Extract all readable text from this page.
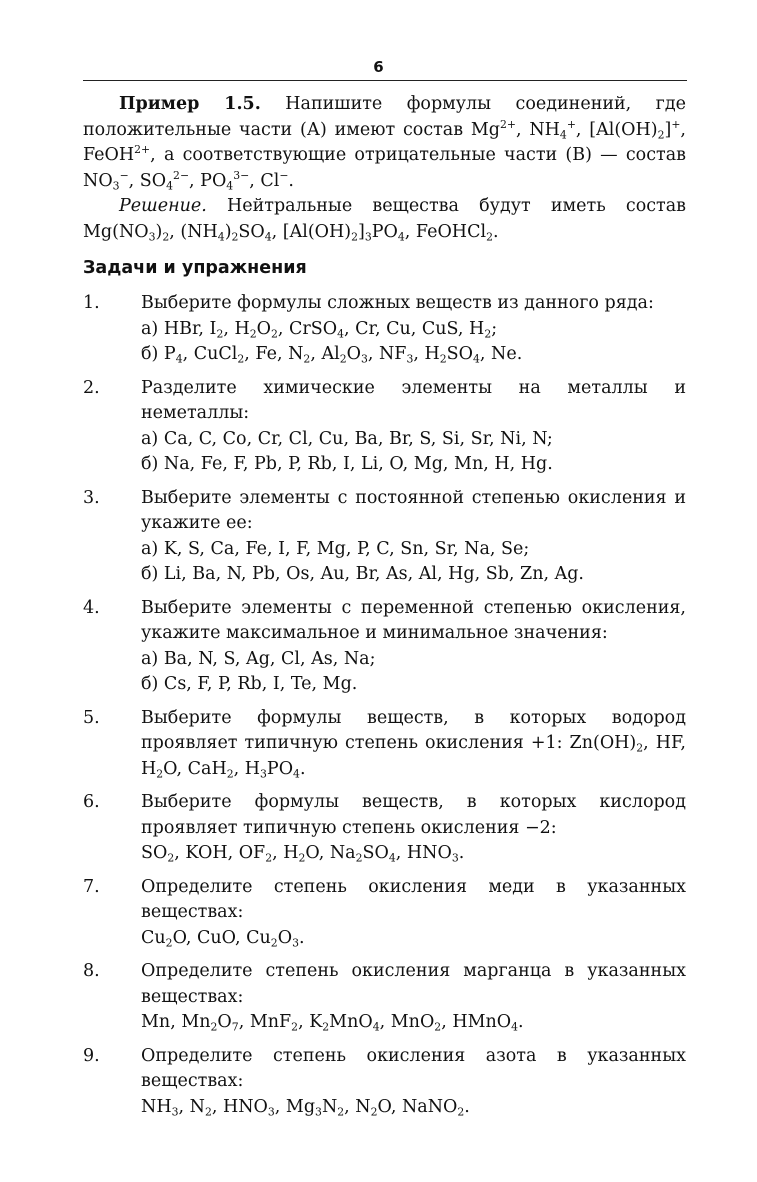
6

Пример 1.5. Напишите формулы соединений, где положительные части (А) имеют состав $Mg^{2+}$, $NH_4^+$, $[Al(OH)_2]^+$, FeOH$^{2+}$, а соответствующие отрицательные части (В) — состав $NO_3^-$, $SO_4^{2-}$, $PO_4^{3-}$, Cl−.

Решение. Нейтральные вещества будут иметь состав $Mg(NO_3)_2$, $(NH_4)_2SO_4$, $[Al(OH)_2]_3PO_4$, FeOHCl$_2$.

Задачи и упражнения
1.	Выберите формулы сложных веществ из данного ряда:
а) HBr, $I_2$, $H_2O_2$, CrSO$_4$, Cr, Cu, CuS, $H_2$;
б) $P_4$, CuCl$_2$, Fe, $N_2$, $Al_2O_3$, $NF_3$, $H_2SO_4$, Ne.
2.	Разделите химические элементы на металлы и неметаллы:
а) Ca, C, Co, Cr, Cl, Cu, Ba, Br, S, Si, Sr, Ni, N;
б) Na, Fe, F, Pb, P, Rb, I, Li, O, Mg, Mn, H, Hg.
3.	Выберите элементы с постоянной степенью окисления и укажите ее:
а) K, S, Ca, Fe, I, F, Mg, P, C, Sn, Sr, Na, Se;
б) Li, Ba, N, Pb, Os, Au, Br, As, Al, Hg, Sb, Zn, Ag.
4.	Выберите элементы с переменной степенью окисления, укажите максимальное и минимальное значения:
а) Ba, N, S, Ag, Cl, As, Na;
б) Cs, F, P, Rb, I, Te, Mg.
5.	Выберите формулы веществ, в которых водород проявляет типичную степень окисления +1: $Zn(OH)_2$, HF, $H_2O$, CaH$_2$, $H_3PO_4$.
6.	Выберите формулы веществ, в которых кислород проявляет типичную степень окисления −2:
$SO_2$, KOH, $OF_2$, $H_2O$, $Na_2SO_4$, $HNO_3$.
7.	Определите степень окисления меди в указанных веществах:
$Cu_2O$, CuO, $Cu_2O_3$.
8.	Определите степень окисления марганца в указанных веществах:
Mn, $Mn_2O_7$, MnF$_2$, $K_2MnO_4$, MnO$_2$, HMnO$_4$.
9.	Определите степень окисления азота в указанных веществах:
$NH_3$, $N_2$, $HNO_3$, $Mg_3N_2$, $N_2O$, NaNO$_2$.
